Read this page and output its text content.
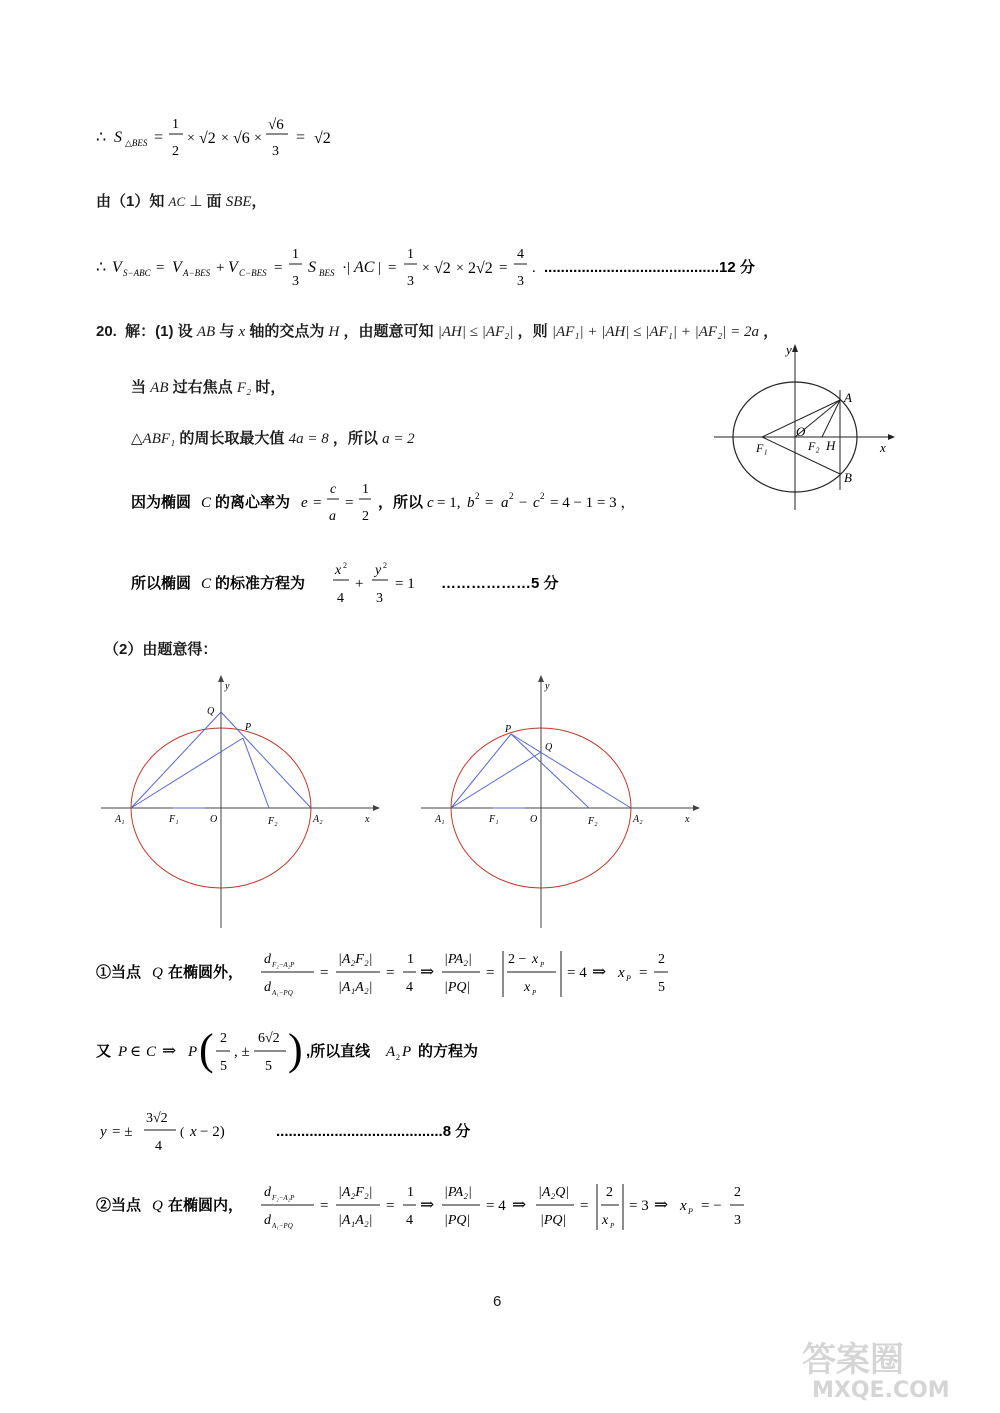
∴ S △BES =
1
2
× √2 × √6 ×
√6
3
= √2
由（1）知 AC ⊥ 面 SBE，
∴ V S−ABC = V A−BES + V C−BES =
1
3
S BES ·| AC | =
1
3
× √2 × 2√2 =
4
3
. ..........................................12 分
20.  解：(1) 设 AB 与 x 轴的交点为 H ，由题意可知 |AH| ≤ |AF₂| ，则 |AF₁| + |AH| ≤ |AF₁| + |AF₂| = 2a ，
当 AB 过右焦点 F₂ 时，
△ABF₁ 的周长取最大值 4a = 8 ，所以 a = 2
因为椭圆 C 的离心率为 e =
c
a
=
1
2
，所以 c = 1, b 2 = a 2 − c 2 = 4 − 1 = 3 ，
所以椭圆 C 的标准方程为
x 2
4
+
y 2
3
= 1 ………………5 分
（2）由题意得：
①当点 Q 在椭圆外，
d F₂−A₂P
d A₁−PQ
=
|A₂F₂|
|A₁A₂|
=
1
4
⇒
|PA₂|
|PQ|
=
2 − x P
x P
= 4 ⇒ x P =
2
5
又 P ∈ C ⇒ P ( 2
5
, ±
6√2
5 ) ,所以直线 A 2 P 的方程为
y = ±
3√2
4
( x − 2)	........................................8 分
②当点 Q 在椭圆内，
d F₂−A₂P
d A₁−PQ
=
|A₂F₂|
|A₁A₂|
=
1
4
⇒
|PA₂|
|PQ|
= 4 ⇒
|A₂Q|
|PQ|
=
2
x P
= 3 ⇒ x P = −
2
3
y
x
A
B
O
F₁	F₂ H
y
x
Q
P
A₁	A₂
F₁	F₂
O
y
x
Q
P
A₁	A₂
F₁	F₂
O
6
答案圈
MXQE.COM
